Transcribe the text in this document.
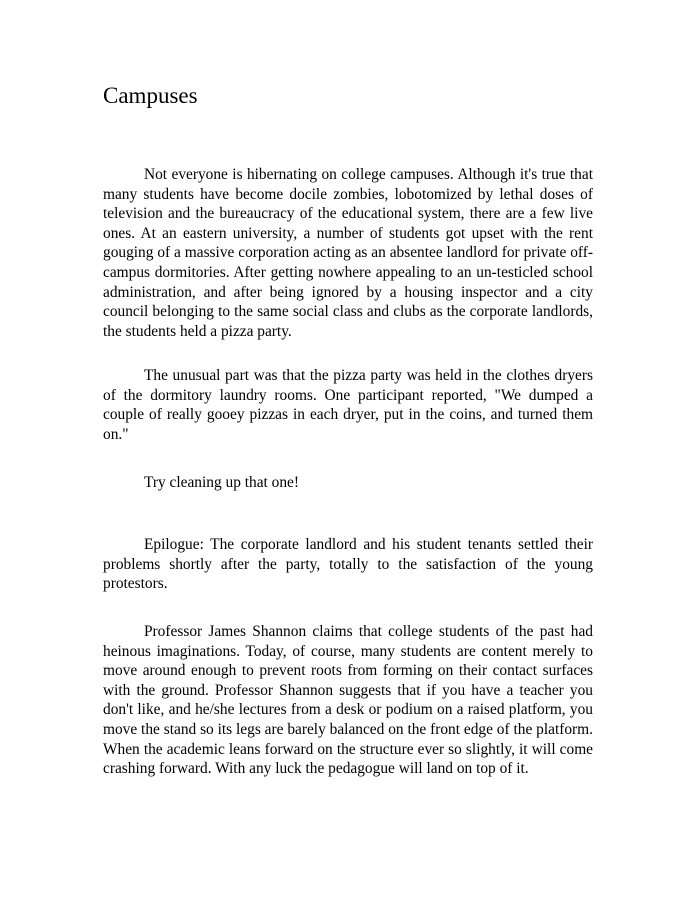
Campuses

Not everyone is hibernating on college campuses. Although it's true that many students have become docile zombies, lobotomized by lethal doses of television and the bureaucracy of the educational system, there are a few live ones. At an eastern university, a number of students got upset with the rent gouging of a massive corporation acting as an absentee landlord for private off-campus dormitories. After getting nowhere appealing to an un-testicled school administration, and after being ignored by a housing inspector and a city council belonging to the same social class and clubs as the corporate landlords, the students held a pizza party.

The unusual part was that the pizza party was held in the clothes dryers of the dormitory laundry rooms. One participant reported, "We dumped a couple of really gooey pizzas in each dryer, put in the coins, and turned them on."

Try cleaning up that one!

Epilogue: The corporate landlord and his student tenants settled their problems shortly after the party, totally to the satisfaction of the young protestors.

Professor James Shannon claims that college students of the past had heinous imaginations. Today, of course, many students are content merely to move around enough to prevent roots from forming on their contact surfaces with the ground. Professor Shannon suggests that if you have a teacher you don't like, and he/she lectures from a desk or podium on a raised platform, you move the stand so its legs are barely balanced on the front edge of the platform. When the academic leans forward on the structure ever so slightly, it will come crashing forward. With any luck the pedagogue will land on top of it.
